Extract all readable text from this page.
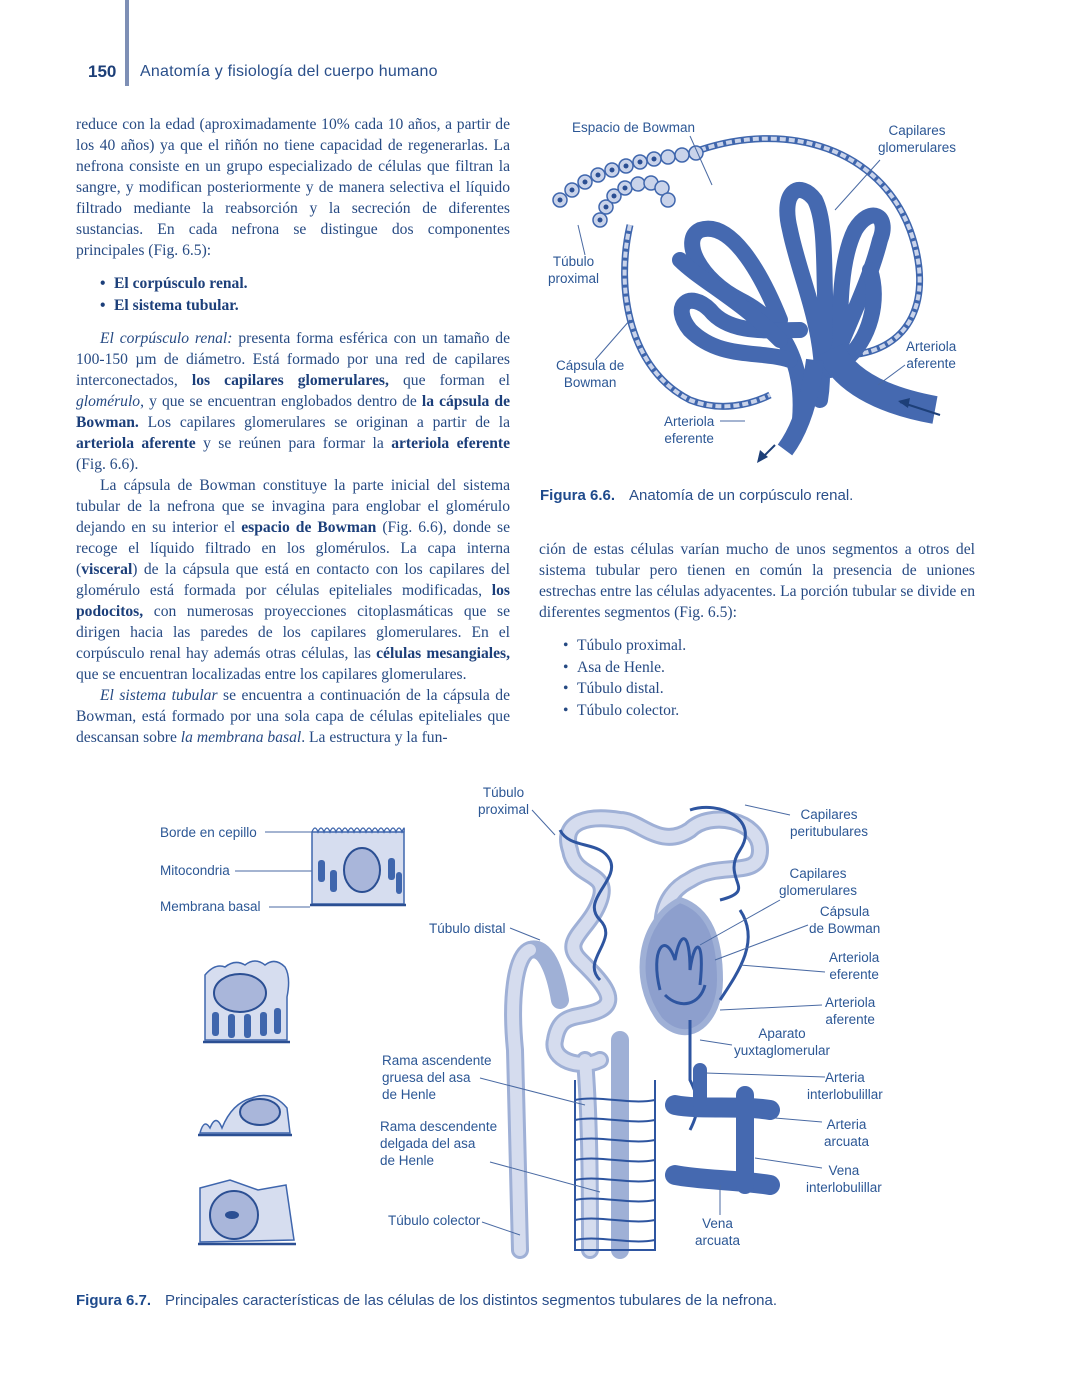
150 Anatomía y fisiología del cuerpo humano

reduce con la edad (aproximadamente 10% cada 10 años, a partir de los 40 años) ya que el riñón no tiene capacidad de regenerarlas. La nefrona consiste en un grupo especializado de células que filtran la sangre, y modifican posteriormente y de manera selectiva el líquido filtrado mediante la reabsorción y la secreción de diferentes sustancias. En cada nefrona se distingue dos componentes principales (Fig. 6.5):

• El corpúsculo renal.
• El sistema tubular.

El corpúsculo renal: presenta forma esférica con un tamaño de 100-150 µm de diámetro. Está formado por una red de capilares interconectados, los capilares glomerulares, que forman el glomérulo, y que se encuentran englobados dentro de la cápsula de Bowman. Los capilares glomerulares se originan a partir de la arteriola aferente y se reúnen para formar la arteriola eferente (Fig. 6.6).

La cápsula de Bowman constituye la parte inicial del sistema tubular de la nefrona que se invagina para englobar el glomérulo dejando en su interior el espacio de Bowman (Fig. 6.6), donde se recoge el líquido filtrado en los glomérulos. La capa interna (visceral) de la cápsula que está en contacto con los capilares del glomérulo está formada por células epiteliales modificadas, los podocitos, con numerosas proyecciones citoplasmáticas que se dirigen hacia las paredes de los capilares glomerulares. En el corpúsculo renal hay además otras células, las células mesangiales, que se encuentran localizadas entre los capilares glomerulares.

El sistema tubular se encuentra a continuación de la cápsula de Bowman, está formado por una sola capa de células epiteliales que descansan sobre la membrana basal. La estructura y la fun-

ción de estas células varían mucho de unos segmentos a otros del sistema tubular pero tienen en común la presencia de uniones estrechas entre las células adyacentes. La porción tubular se divide en diferentes segmentos (Fig. 6.5):

• Túbulo proximal.
• Asa de Henle.
• Túbulo distal.
• Túbulo colector.
Espacio de Bowman	Capilares
glomerulares
Túbulo
proximal
Cápsula de
Bowman
Arteriola
aferente
Arteriola
eferente
Figura 6.6. Anatomía de un corpúsculo renal.
Borde en cepillo
Mitocondria
Membrana basal
Túbulo
proximal
Túbulo distal
Rama ascendente
gruesa del asa
de Henle
Rama descendente
delgada del asa
de Henle
Túbulo colector
Capilares
peritubulares
Capilares
glomerulares
Cápsula
de Bowman
Arteriola
eferente
Arteriola
aferente
Aparato
yuxtaglomerular
Arteria
interlobulillar
Arteria
arcuata
Vena
interlobulillar
Vena
arcuata
Figura 6.7. Principales características de las células de los distintos segmentos tubulares de la nefrona.
